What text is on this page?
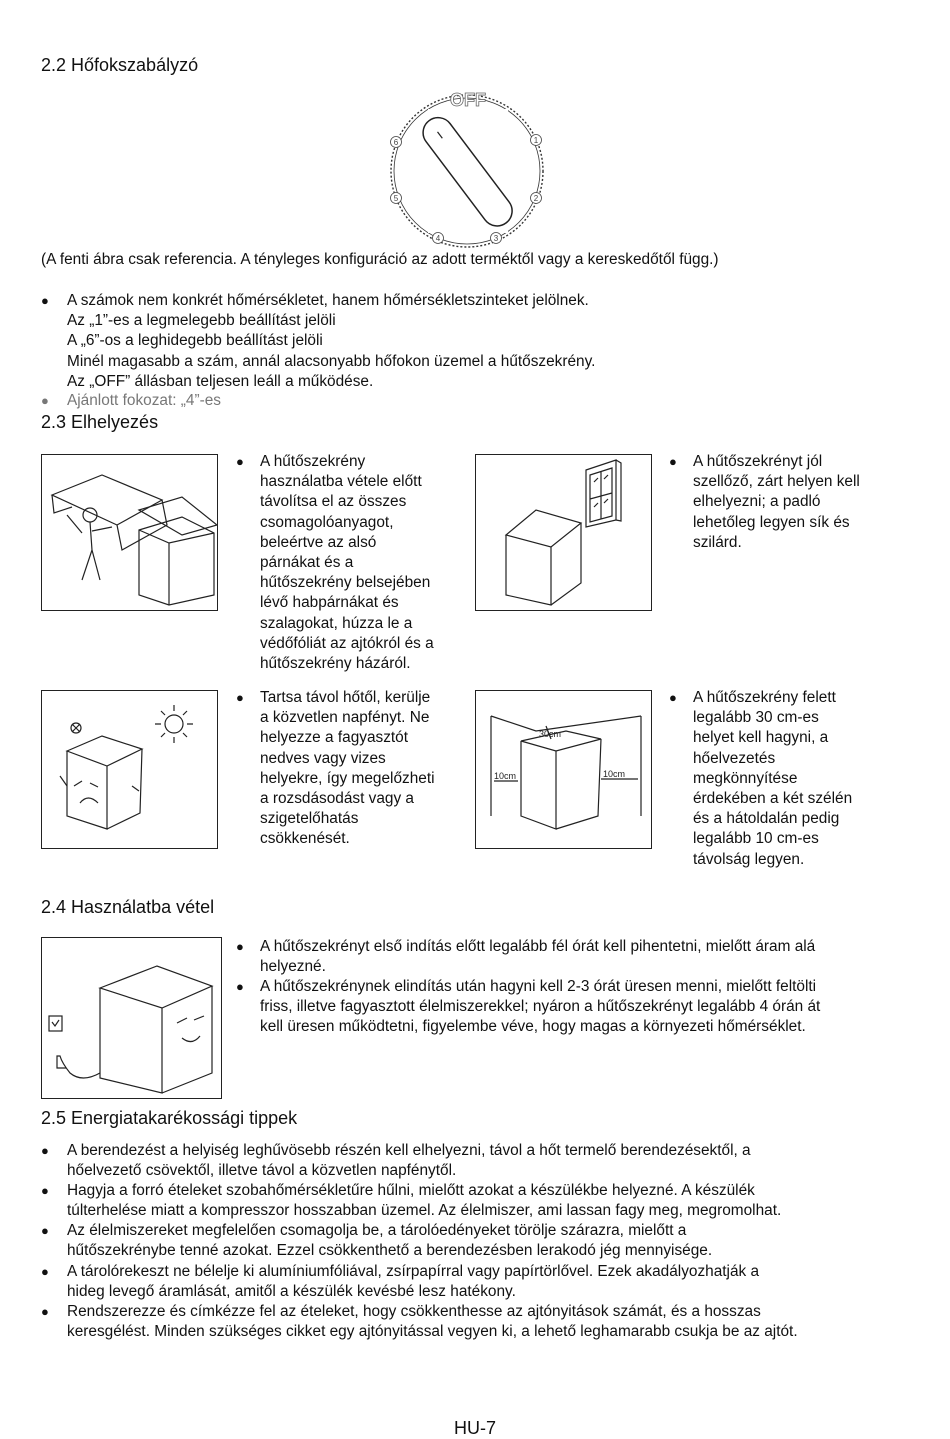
2.2 Hőfokszabályzó
OFF
1
2
3
4
5
6
(A fenti ábra csak referencia. A tényleges konfiguráció az adott terméktől vagy a kereskedőtől függ.)
● A számok nem konkrét hőmérsékletet, hanem hőmérsékletszinteket jelölnek.
Az „1”-es a legmelegebb beállítást jelöli
A „6”-os a leghidegebb beállítást jelöli
Minél magasabb a szám, annál alacsonyabb hőfokon üzemel a hűtőszekrény.
Az „OFF” állásban teljesen leáll a működése.
● Ajánlott fokozat: „4”-es
2.3 Elhelyezés
● A hűtőszekrény
használatba vétele előtt
távolítsa el az összes
csomagolóanyagot,
beleértve az alsó
párnákat és a
hűtőszekrény belsejében
lévő habpárnákat és
szalagokat, húzza le a
védőfóliát az ajtókról és a
hűtőszekrény házáról.
● A hűtőszekrényt jól
szellőző, zárt helyen kell
elhelyezni; a padló
lehetőleg legyen sík és
szilárd.
● Tartsa távol hőtől, kerülje
a közvetlen napfényt. Ne
helyezze a fagyasztót
nedves vagy vizes
helyekre, így megelőzheti
a rozsdásodást vagy a
szigetelőhatás
csökkenését.
30cm
10cm	10cm
● A hűtőszekrény felett
legalább 30 cm-es
helyet kell hagyni, a
hőelvezetés
megkönnyítése
érdekében a két szélén
és a hátoldalán pedig
legalább 10 cm-es
távolság legyen.
2.4 Használatba vétel
● A hűtőszekrényt első indítás előtt legalább fél órát kell pihentetni, mielőtt áram alá
helyezné.
● A hűtőszekrénynek elindítás után hagyni kell 2-3 órát üresen menni, mielőtt feltölti
friss, illetve fagyasztott élelmiszerekkel; nyáron a hűtőszekrényt legalább 4 órán át
kell üresen működtetni, figyelembe véve, hogy magas a környezeti hőmérséklet.
2.5 Energiatakarékossági tippek
● A berendezést a helyiség leghűvösebb részén kell elhelyezni, távol a hőt termelő berendezésektől, a
hőelvezető csövektől, illetve távol a közvetlen napfénytől.
● Hagyja a forró ételeket szobahőmérsékletűre hűlni, mielőtt azokat a készülékbe helyezné. A készülék
túlterhelése miatt a kompresszor hosszabban üzemel. Az élelmiszer, ami lassan fagy meg, megromolhat.
● Az élelmiszereket megfelelően csomagolja be, a tárolóedényeket törölje szárazra, mielőtt a
hűtőszekrénybe tenné azokat. Ezzel csökkenthető a berendezésben lerakodó jég mennyisége.
● A tárolórekeszt ne bélelje ki alumíniumfóliával, zsírpapírral vagy papírtörlővel. Ezek akadályozhatják a
hideg levegő áramlását, amitől a készülék kevésbé lesz hatékony.
● Rendszerezze és címkézze fel az ételeket, hogy csökkenthesse az ajtónyitások számát, és a hosszas
keresgélést. Minden szükséges cikket egy ajtónyitással vegyen ki, a lehető leghamarabb csukja be az ajtót.
HU-7
